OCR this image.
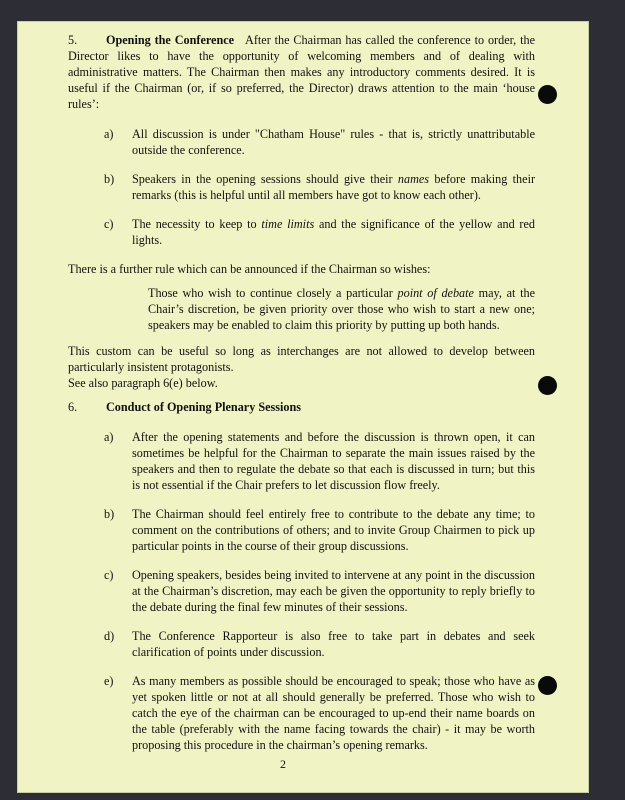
5. Opening the Conference After the Chairman has called the conference to order, the Director likes to have the opportunity of welcoming members and of dealing with administrative matters. The Chairman then makes any introductory comments desired. It is useful if the Chairman (or, if so preferred, the Director) draws attention to the main ‘house rules’:

a) All discussion is under "Chatham House" rules - that is, strictly unattributable outside the conference.
b) Speakers in the opening sessions should give their names before making their remarks (this is helpful until all members have got to know each other).
c) The necessity to keep to time limits and the significance of the yellow and red lights.

There is a further rule which can be announced if the Chairman so wishes:

Those who wish to continue closely a particular point of debate may, at the Chair’s discretion, be given priority over those who wish to start a new one; speakers may be enabled to claim this priority by putting up both hands.

This custom can be useful so long as interchanges are not allowed to develop between particularly insistent protagonists.

See also paragraph 6(e) below.

6. Conduct of Opening Plenary Sessions

a) After the opening statements and before the discussion is thrown open, it can sometimes be helpful for the Chairman to separate the main issues raised by the speakers and then to regulate the debate so that each is discussed in turn; but this is not essential if the Chair prefers to let discussion flow freely.
b) The Chairman should feel entirely free to contribute to the debate any time; to comment on the contributions of others; and to invite Group Chairmen to pick up particular points in the course of their group discussions.
c) Opening speakers, besides being invited to intervene at any point in the discussion at the Chairman’s discretion, may each be given the opportunity to reply briefly to the debate during the final few minutes of their sessions.
d) The Conference Rapporteur is also free to take part in debates and seek clarification of points under discussion.
e) As many members as possible should be encouraged to speak; those who have as yet spoken little or not at all should generally be preferred. Those who wish to catch the eye of the chairman can be encouraged to up-end their name boards on the table (preferably with the name facing towards the chair) - it may be worth proposing this procedure in the chairman’s opening remarks.
2
